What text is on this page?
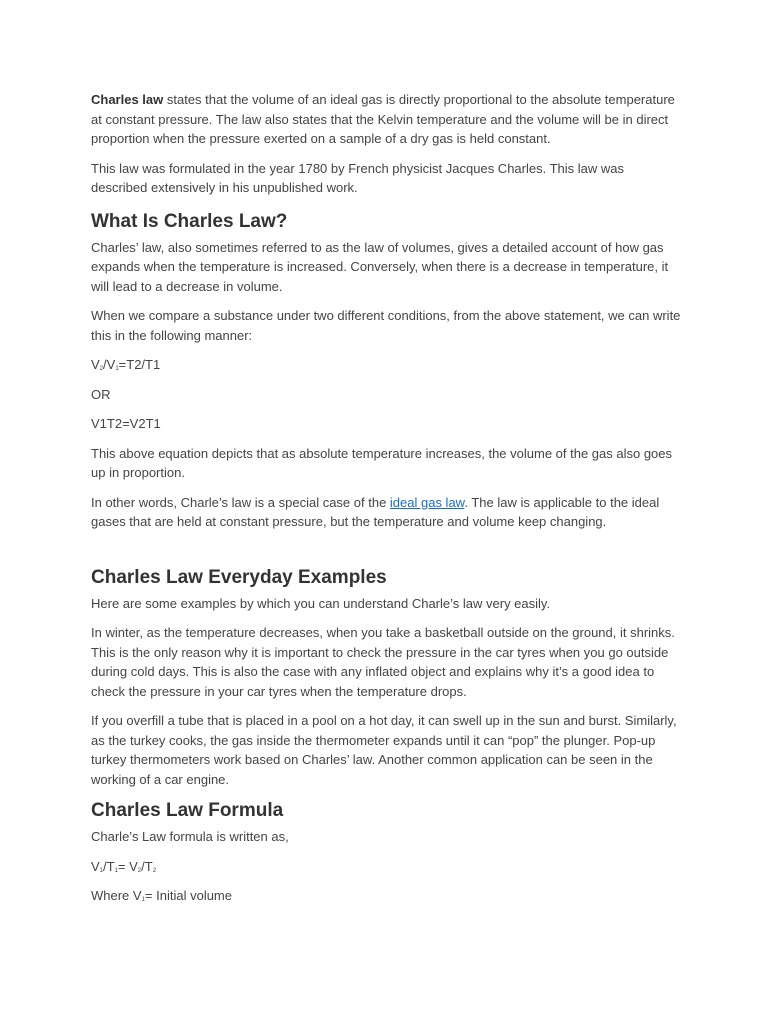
Charles law states that the volume of an ideal gas is directly proportional to the absolute temperature at constant pressure. The law also states that the Kelvin temperature and the volume will be in direct proportion when the pressure exerted on a sample of a dry gas is held constant.

This law was formulated in the year 1780 by French physicist Jacques Charles. This law was described extensively in his unpublished work.

What Is Charles Law?

Charles’ law, also sometimes referred to as the law of volumes, gives a detailed account of how gas expands when the temperature is increased. Conversely, when there is a decrease in temperature, it will lead to a decrease in volume.

When we compare a substance under two different conditions, from the above statement, we can write this in the following manner:

$V_2/V_1=T2/T1$

OR

V1T2=V2T1

This above equation depicts that as absolute temperature increases, the volume of the gas also goes up in proportion.

In other words, Charle’s law is a special case of the ideal gas law. The law is applicable to the ideal gases that are held at constant pressure, but the temperature and volume keep changing.

Charles Law Everyday Examples

Here are some examples by which you can understand Charle’s law very easily.

In winter, as the temperature decreases, when you take a basketball outside on the ground, it shrinks. This is the only reason why it is important to check the pressure in the car tyres when you go outside during cold days. This is also the case with any inflated object and explains why it’s a good idea to check the pressure in your car tyres when the temperature drops.

If you overfill a tube that is placed in a pool on a hot day, it can swell up in the sun and burst. Similarly, as the turkey cooks, the gas inside the thermometer expands until it can “pop” the plunger. Pop-up turkey thermometers work based on Charles’ law. Another common application can be seen in the working of a car engine.

Charles Law Formula

Charle’s Law formula is written as,

$V_1/T_1= V_2/T_2$

Where $V_1=$ Initial volume
